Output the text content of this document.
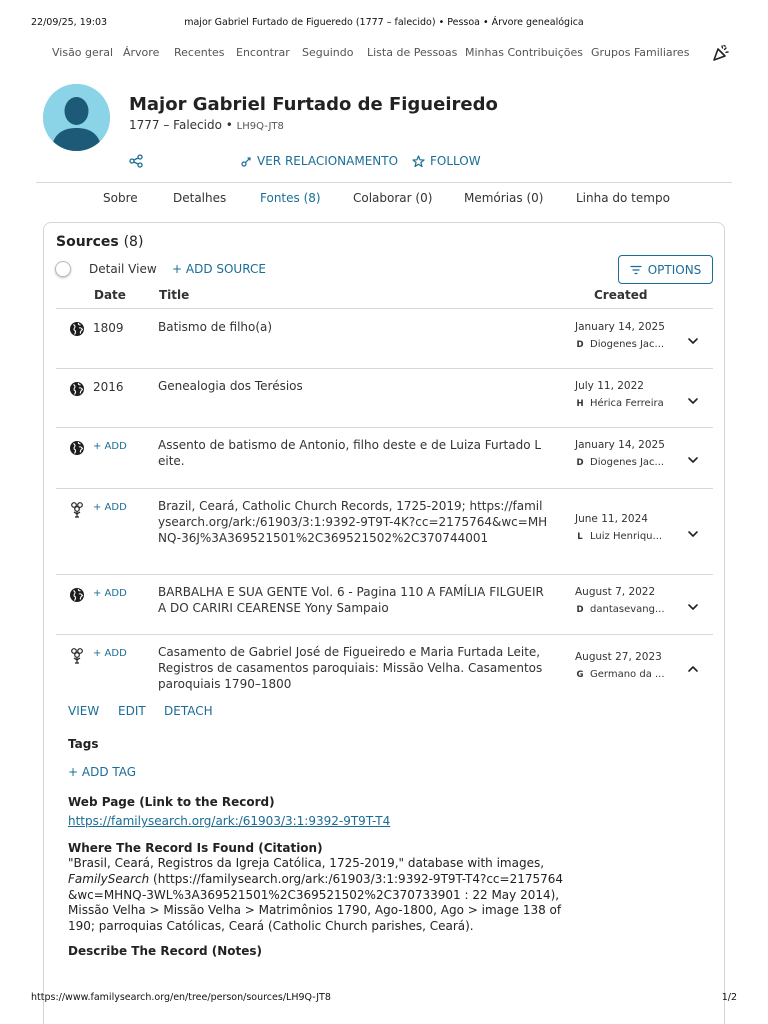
22/09/25, 19:03	major Gabriel Furtado de Figueredo (1777 – falecido) • Pessoa • Árvore genealógica
Visão geral Árvore Recentes Encontrar Seguindo Lista de Pessoas Minhas Contribuições Grupos Familiares
Major Gabriel Furtado de Figueiredo
1777 – Falecido • LH9Q-JT8
VER RELACIONAMENTO	FOLLOW
Sobre	Detalhes	Fontes (8)	Colaborar (0)	Memórias (0)	Linha do tempo
Sources (8)
Detail View + ADD SOURCE	OPTIONS
Date	Title	Created
1809	Batismo de filho(a)	January 14, 2025
D Diogenes Jac...
2016	Genealogia dos Terésios	July 11, 2022
H Hérica Ferreira
+ ADD	Assento de batismo de Antonio, filho deste e de Luiza Furtado Leite.
January 14, 2025
D Diogenes Jac...
+ ADD	Brazil, Ceará, Catholic Church Records, 1725-2019; https://familysearch.org/ark:/61903/3:1:9392-9T9T-4K?cc=2175764&wc=MHNQ-36J%3A369521501%2C369521502%2C370744001
June 11, 2024
L Luiz Henriqu...
+ ADD	BARBALHA E SUA GENTE Vol. 6 - Pagina 110 A FAMÍLIA FILGUEIRA DO CARIRI CEARENSE Yony Sampaio
August 7, 2022
D dantasevang...
+ ADD	Casamento de Gabriel José de Figueiredo e Maria Furtada Leite, Registros de casamentos paroquiais: Missão Velha. Casamentos paroquiais 1790–1800
August 27, 2023
G Germano da ...
VIEW EDIT DETACH
Tags
+ ADD TAG
Web Page (Link to the Record)
https://familysearch.org/ark:/61903/3:1:9392-9T9T-T4
Where The Record Is Found (Citation)
"Brasil, Ceará, Registros da Igreja Católica, 1725-2019," database with images,
FamilySearch (https://familysearch.org/ark:/61903/3:1:9392-9T9T-T4?cc=2175764&wc=MHNQ-3WL%3A369521501%2C369521502%2C370733901 : 22 May 2014), Missão Velha > Missão Velha > Matrimônios 1790, Ago-1800, Ago > image 138 of 190; parroquias Católicas, Ceará (Catholic Church parishes, Ceará).
Describe The Record (Notes)
https://www.familysearch.org/en/tree/person/sources/LH9Q-JT8	1/2
